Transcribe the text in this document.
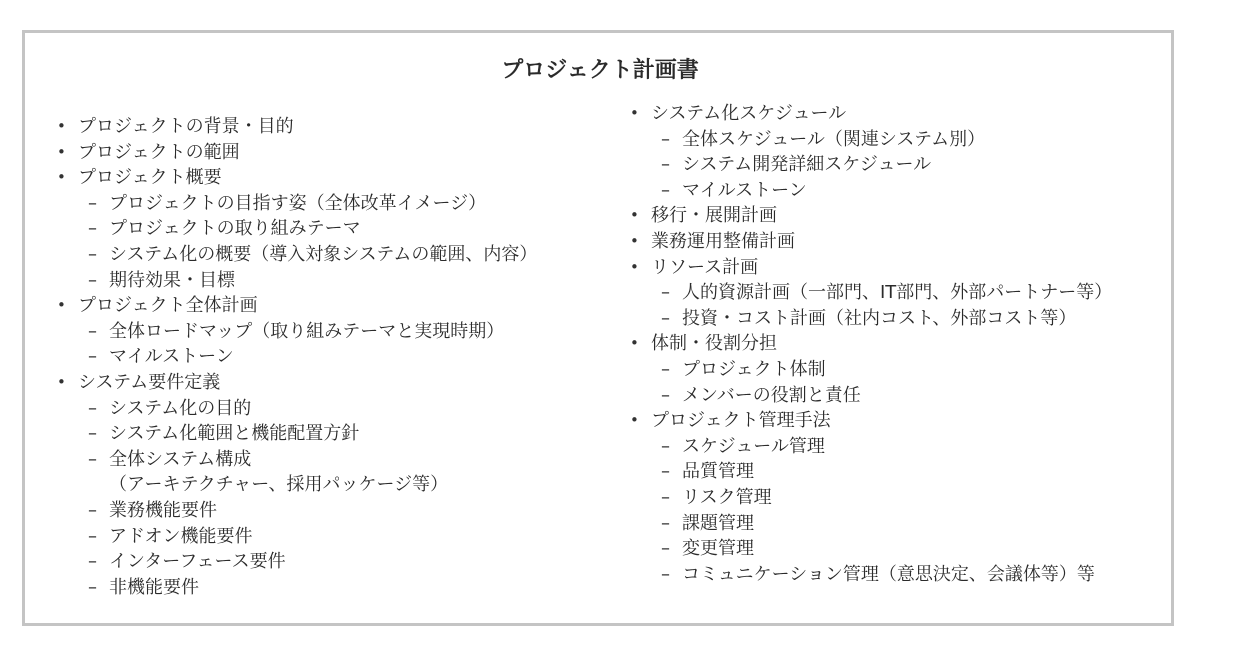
プロジェクト計画書
• プロジェクトの背景・目的
• プロジェクトの範囲
• プロジェクト概要
– プロジェクトの目指す姿（全体改革イメージ）
– プロジェクトの取り組みテーマ
– システム化の概要（導入対象システムの範囲、内容）
– 期待効果・目標
• プロジェクト全体計画
– 全体ロードマップ（取り組みテーマと実現時期）
– マイルストーン
• システム要件定義
– システム化の目的
– システム化範囲と機能配置方針
– 全体システム構成
（アーキテクチャー、採用パッケージ等）
– 業務機能要件
– アドオン機能要件
– インターフェース要件
– 非機能要件
• システム化スケジュール
– 全体スケジュール（関連システム別）
– システム開発詳細スケジュール
– マイルストーン
• 移行・展開計画
• 業務運用整備計画
• リソース計画
– 人的資源計画（一部門、IT部門、外部パートナー等）
– 投資・コスト計画（社内コスト、外部コスト等）
• 体制・役割分担
– プロジェクト体制
– メンバーの役割と責任
• プロジェクト管理手法
– スケジュール管理
– 品質管理
– リスク管理
– 課題管理
– 変更管理
– コミュニケーション管理（意思決定、会議体等）等
